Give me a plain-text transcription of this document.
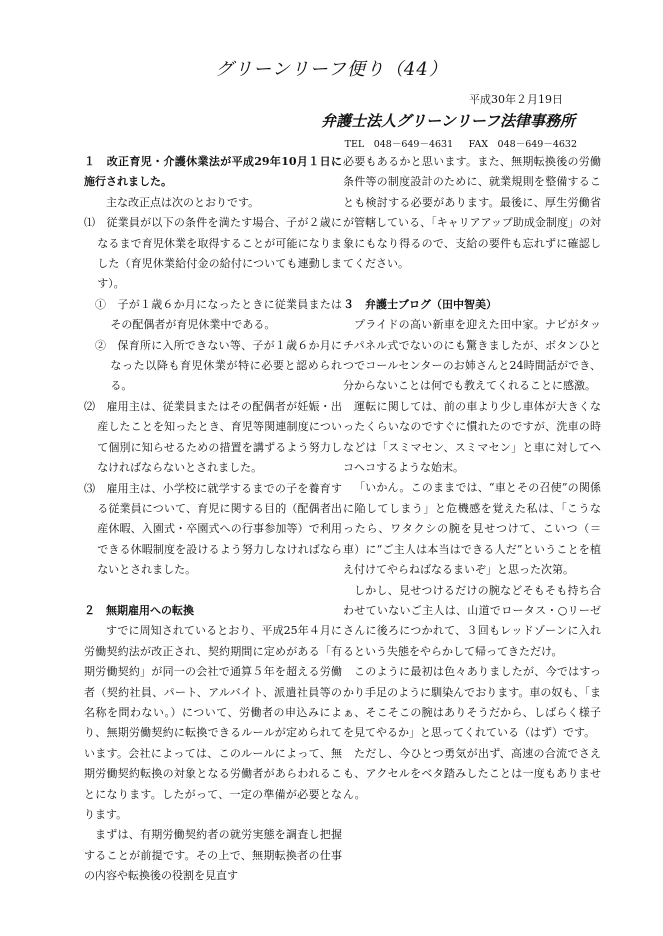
グリーンリーフ便り（44）
平成30年２月19日
弁護士法人グリーンリーフ法律事務所
TEL　048－649－4631　 FAX　048－649－4632

１　改正育児・介護休業法が平成29年10月１日に施行されました。

主な改正点は次のとおりです。

⑴　従業員が以下の条件を満たす場合、子が２歳になるまで育児休業を取得することが可能になりました（育児休業給付金の給付についても連動します）。

①　子が１歳６か月になったときに従業員またはその配偶者が育児休業中である。

②　保育所に入所できない等、子が１歳６か月になった以降も育児休業が特に必要と認められる。

⑵　雇用主は、従業員またはその配偶者が妊娠・出産したことを知ったとき、育児等関連制度について個別に知らせるための措置を講ずるよう努力しなければならないとされました。

⑶　雇用主は、小学校に就学するまでの子を養育する従業員について、育児に関する目的（配偶者出産休暇、入園式・卒園式への行事参加等）で利用できる休暇制度を設けるよう努力しなければならないとされました。

２　無期雇用への転換

すでに周知されているとおり、平成25年４月に労働契約法が改正され、契約期間に定めがある「有期労働契約」が同一の会社で通算５年を超える労働者（契約社員、パート、アルバイト、派遣社員等の名称を問わない。）について、労働者の申込みにより、無期労働契約に転換できるルールが定められています。会社によっては、このルールによって、無期労働契約転換の対象となる労働者があらわれることになります。したがって、一定の準備が必要となります。

まずは、有期労働契約者の就労実態を調査し把握することが前提です。その上で、無期転換者の仕事の内容や転換後の役割を見直す

必要もあるかと思います。また、無期転換後の労働条件等の制度設計のために、就業規則を整備することも検討する必要があります。最後に、厚生労働省が管轄している、「キャリアアップ助成金制度」の対象にもなり得るので、支給の要件も忘れずに確認してください。

３　弁護士ブログ（田中智美）

プライドの高い新車を迎えた田中家。ナビがタッチパネル式でないのにも驚きましたが、ボタンひとつでコールセンターのお姉さんと24時間話ができ、分からないことは何でも教えてくれることに感激。

運転に関しては、前の車より少し車体が大きくなったくらいなのですぐに慣れたのですが、洗車の時などは「スミマセン、スミマセン」と車に対してヘコヘコするような始末。

「いかん。このままでは、“車とその召使”の関係に陥してしまう」と危機感を覚えた私は、「こうなったら、ワタクシの腕を見せつけて、こいつ（＝車）に“ご主人は本当はできる人だ”ということを植え付けてやらねばなるまいぞ」と思った次第。

しかし、見せつけるだけの腕などそもそも持ち合わせていないご主人は、山道でロータス・○リーゼさんに後ろにつかれて、３回もレッドゾーンに入れるという失態をやらかして帰ってきただけ。

このように最初は色々ありましたが、今ではすっかり手足のように馴染んでおります。車の奴も、「まぁ、そこそこの腕はありそうだから、しばらく様子を見てやるか」と思ってくれている（はず）です。

ただし、今ひとつ勇気が出ず、高速の合流でさえも、アクセルをベタ踏みしたことは一度もありません。
